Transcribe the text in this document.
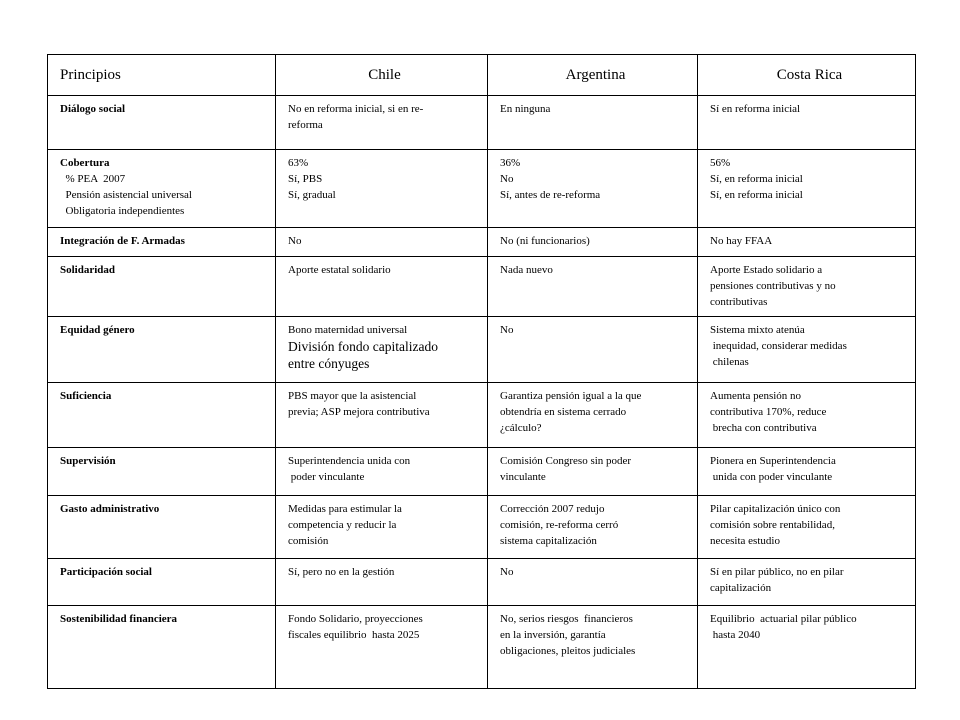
Principios	Chile	Argentina	Costa Rica

Diálogo social	No en reforma inicial, si en re-
reforma	En ninguna	Sí en reforma inicial

Cobertura
% PEA  2007
Pensión asistencial universal
Obligatoria independientes	63%
Sí, PBS
Sí, gradual	36%
No
Sí, antes de re-reforma	56%
Sí, en reforma inicial
Sí, en reforma inicial

Integración de F. Armadas	No	No (ni funcionarios)	No hay FFAA

Solidaridad	Aporte estatal solidario	Nada nuevo	Aporte Estado solidario a
pensiones contributivas y no
contributivas

Equidad género	Bono maternidad universal
División fondo capitalizado
entre cónyuges	No	Sistema mixto atenúa
inequidad, considerar medidas
chilenas

Suficiencia	PBS mayor que la asistencial
previa; ASP mejora contributiva	Garantiza pensión igual a la que
obtendría en sistema cerrado
¿cálculo?	Aumenta pensión no
contributiva 170%, reduce
brecha con contributiva

Supervisión	Superintendencia unida con
poder vinculante	Comisión Congreso sin poder
vinculante	Pionera en Superintendencia
unida con poder vinculante

Gasto administrativo	Medidas para estimular la
competencia y reducir la
comisión	Corrección 2007 redujo
comisión, re-reforma cerró
sistema capitalización	Pilar capitalización único con
comisión sobre rentabilidad,
necesita estudio

Participación social	Sí, pero no en la gestión	No	Sí en pilar público, no en pilar
capitalización

Sostenibilidad financiera	Fondo Solidario, proyecciones
fiscales equilibrio  hasta 2025	No, serios riesgos  financieros
en la inversión, garantía
obligaciones, pleitos judiciales	Equilibrio  actuarial pilar público
hasta 2040
